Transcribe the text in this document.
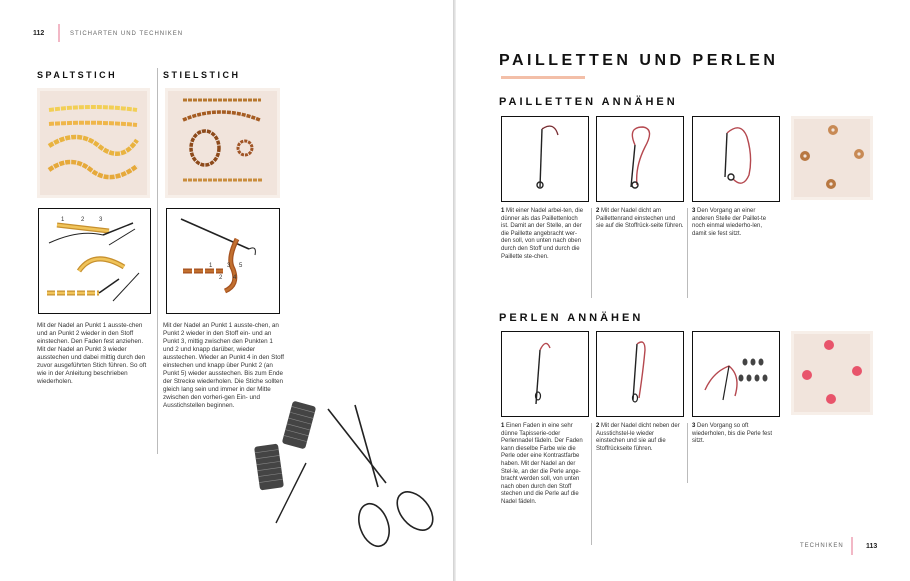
112	STICHARTEN UND TECHNIKEN
SPALTSTICH
1	2 3

Mit der Nadel an Punkt 1 ausste-chen und an Punkt 2 wieder in den Stoff einstechen. Den Faden fest anziehen. Mit der Nadel an Punkt 3 wieder ausstechen und dabei mittig durch den zuvor ausgeführten Stich führen. So oft wie in der Anleitung beschrieben wiederholen.

STIELSTICH
1
2
3
4
5

Mit der Nadel an Punkt 1 ausste-chen, an Punkt 2 wieder in den Stoff ein- und an Punkt 3, mittig zwischen den Punkten 1 und 2 und knapp darüber, wieder ausstechen. Wieder an Punkt 4 in den Stoff einstechen und knapp über Punkt 2 (an Punkt 5) wieder ausstechen. Bis zum Ende der Strecke wiederholen. Die Stiche sollten gleich lang sein und immer in der Mitte zwischen den vorheri-gen Ein- und Ausstichstellen beginnen.

PAILLETTEN UND PERLEN
PAILLETTEN ANNÄHEN

1 Mit einer Nadel arbei-ten, die dünner als das Paillettenloch ist. Damit an der Stelle, an der die Paillette angebracht wer-den soll, von unten nach oben durch den Stoff und durch die Paillette ste-chen.

2 Mit der Nadel dicht am Paillettenrand einstechen und sie auf die Stoffrück-seite führen.

3 Den Vorgang an einer anderen Stelle der Paillet-te noch einmal wiederho-len, damit sie fest sitzt.

PERLEN ANNÄHEN

1 Einen Faden in eine sehr dünne Tapisserie-oder Perlennadel fädeln. Der Faden kann dieselbe Farbe wie die Perle oder eine Kontrastfarbe haben. Mit der Nadel an der Stel-le, an der die Perle ange-bracht werden soll, von unten nach oben durch den Stoff stechen und die Perle auf die Nadel fädeln.

2 Mit der Nadel dicht neben der Ausstichstel-le wieder einstechen und sie auf die Stoffrückseite führen.

3 Den Vorgang so oft wiederholen, bis die Perle fest sitzt.

TECHNIKEN	113
